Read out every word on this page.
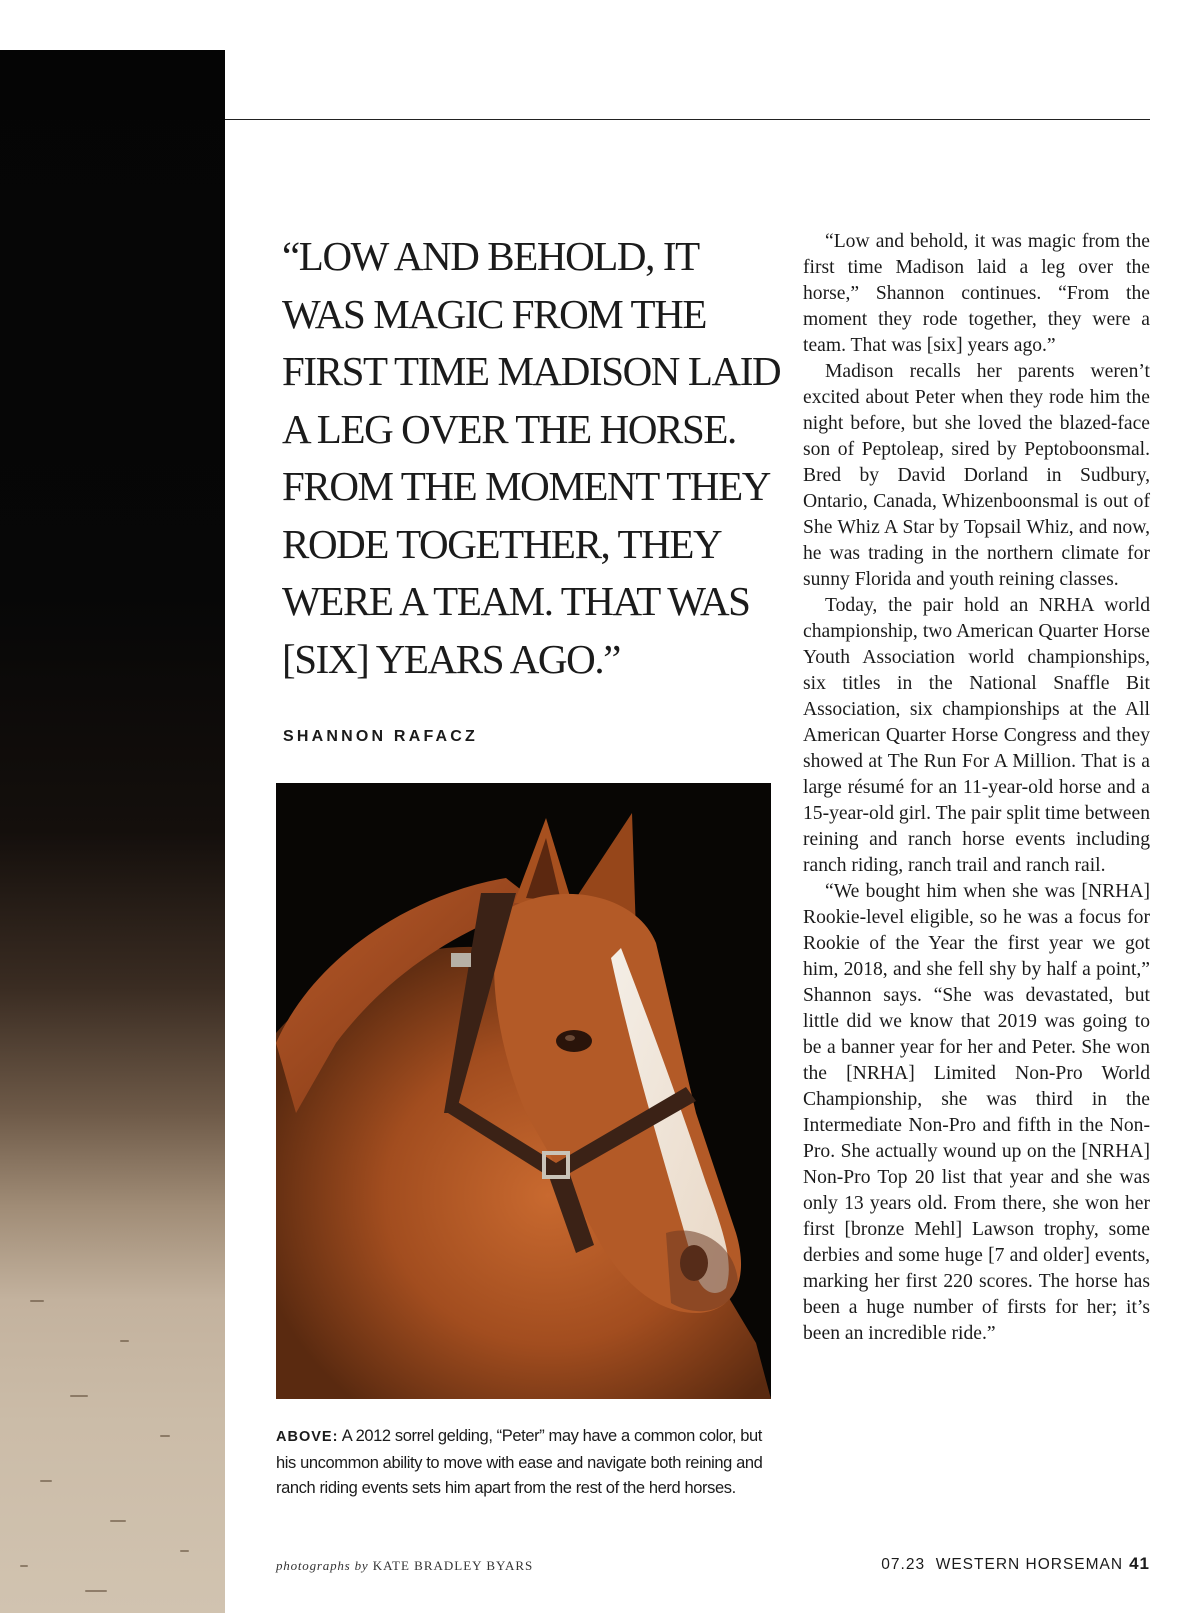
“LOW AND BEHOLD, IT WAS MAGIC FROM THE FIRST TIME MADISON LAID A LEG OVER THE HORSE. FROM THE MOMENT THEY RODE TOGETHER, THEY WERE A TEAM. THAT WAS [SIX] YEARS AGO.”
SHANNON RAFACZ

ABOVE: A 2012 sorrel gelding, “Peter” may have a common color, but his uncommon ability to move with ease and navigate both reining and ranch riding events sets him apart from the rest of the herd horses.

“Low and behold, it was magic from the first time Madison laid a leg over the horse,” Shannon continues. “From the moment they rode together, they were a team. That was [six] years ago.”

Madison recalls her parents weren’t excited about Peter when they rode him the night before, but she loved the blazed-face son of Peptoleap, sired by Peptoboonsmal. Bred by David Dorland in Sudbury, Ontario, Canada, Whizenboonsmal is out of She Whiz A Star by Topsail Whiz, and now, he was trading in the northern climate for sunny Florida and youth reining classes.

Today, the pair hold an NRHA world championship, two American Quarter Horse Youth Association world championships, six titles in the National Snaffle Bit Association, six championships at the All American Quarter Horse Congress and they showed at The Run For A Million. That is a large résumé for an 11-year-old horse and a 15-year-old girl. The pair split time between reining and ranch horse events including ranch riding, ranch trail and ranch rail.

“We bought him when she was [NRHA] Rookie-level eligible, so he was a focus for Rookie of the Year the first year we got him, 2018, and she fell shy by half a point,” Shannon says. “She was devastated, but little did we know that 2019 was going to be a banner year for her and Peter. She won the [NRHA] Limited Non-Pro World Championship, she was third in the Intermediate Non-Pro and fifth in the Non-Pro. She actually wound up on the [NRHA] Non-Pro Top 20 list that year and she was only 13 years old. From there, she won her first [bronze Mehl] Lawson trophy, some derbies and some huge [7 and older] events, marking her first 220 scores. The horse has been a huge number of firsts for her; it’s been an incredible ride.”

photographs by KATE BRADLEY BYARS	07.23 WESTERN HORSEMAN 41
